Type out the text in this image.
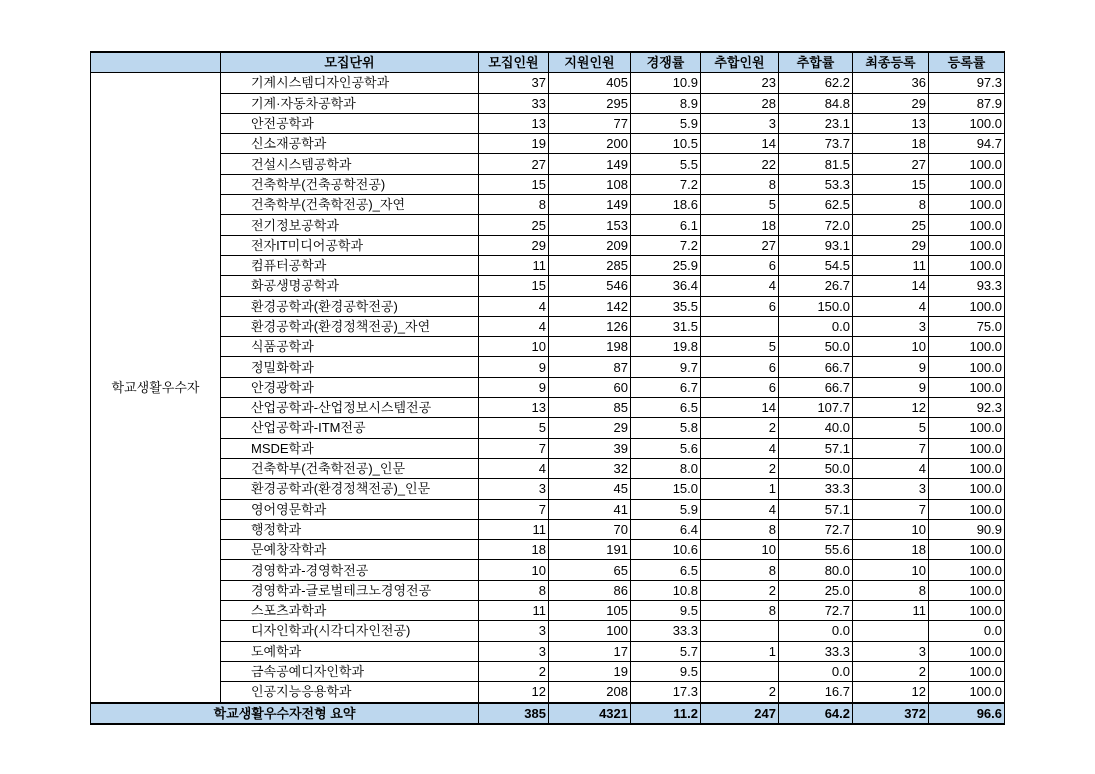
	모집단위	모집인원	지원인원	경쟁률	추합인원	추합률	최종등록	등록률
학교생활우수자	기계시스템디자인공학과	37	405	10.9	23	62.2	36	97.3
	기계·자동차공학과	33	295	8.9	28	84.8	29	87.9
	안전공학과	13	77	5.9	3	23.1	13	100.0
	신소재공학과	19	200	10.5	14	73.7	18	94.7
	건설시스템공학과	27	149	5.5	22	81.5	27	100.0
	건축학부(건축공학전공)	15	108	7.2	8	53.3	15	100.0
	건축학부(건축학전공)_자연	8	149	18.6	5	62.5	8	100.0
	전기정보공학과	25	153	6.1	18	72.0	25	100.0
	전자IT미디어공학과	29	209	7.2	27	93.1	29	100.0
	컴퓨터공학과	11	285	25.9	6	54.5	11	100.0
	화공생명공학과	15	546	36.4	4	26.7	14	93.3
	환경공학과(환경공학전공)	4	142	35.5	6	150.0	4	100.0
	환경공학과(환경정책전공)_자연	4	126	31.5		0.0	3	75.0
	식품공학과	10	198	19.8	5	50.0	10	100.0
	정밀화학과	9	87	9.7	6	66.7	9	100.0
	안경광학과	9	60	6.7	6	66.7	9	100.0
	산업공학과-산업정보시스템전공	13	85	6.5	14	107.7	12	92.3
	산업공학과-ITM전공	5	29	5.8	2	40.0	5	100.0
	MSDE학과	7	39	5.6	4	57.1	7	100.0
	건축학부(건축학전공)_인문	4	32	8.0	2	50.0	4	100.0
	환경공학과(환경정책전공)_인문	3	45	15.0	1	33.3	3	100.0
	영어영문학과	7	41	5.9	4	57.1	7	100.0
	행정학과	11	70	6.4	8	72.7	10	90.9
	문예창작학과	18	191	10.6	10	55.6	18	100.0
	경영학과-경영학전공	10	65	6.5	8	80.0	10	100.0
	경영학과-글로벌테크노경영전공	8	86	10.8	2	25.0	8	100.0
	스포츠과학과	11	105	9.5	8	72.7	11	100.0
	디자인학과(시각디자인전공)	3	100	33.3		0.0		0.0
	도예학과	3	17	5.7	1	33.3	3	100.0
	금속공예디자인학과	2	19	9.5		0.0	2	100.0
	인공지능응용학과	12	208	17.3	2	16.7	12	100.0
학교생활우수자전형 요약		385	4321	11.2	247	64.2	372	96.6
